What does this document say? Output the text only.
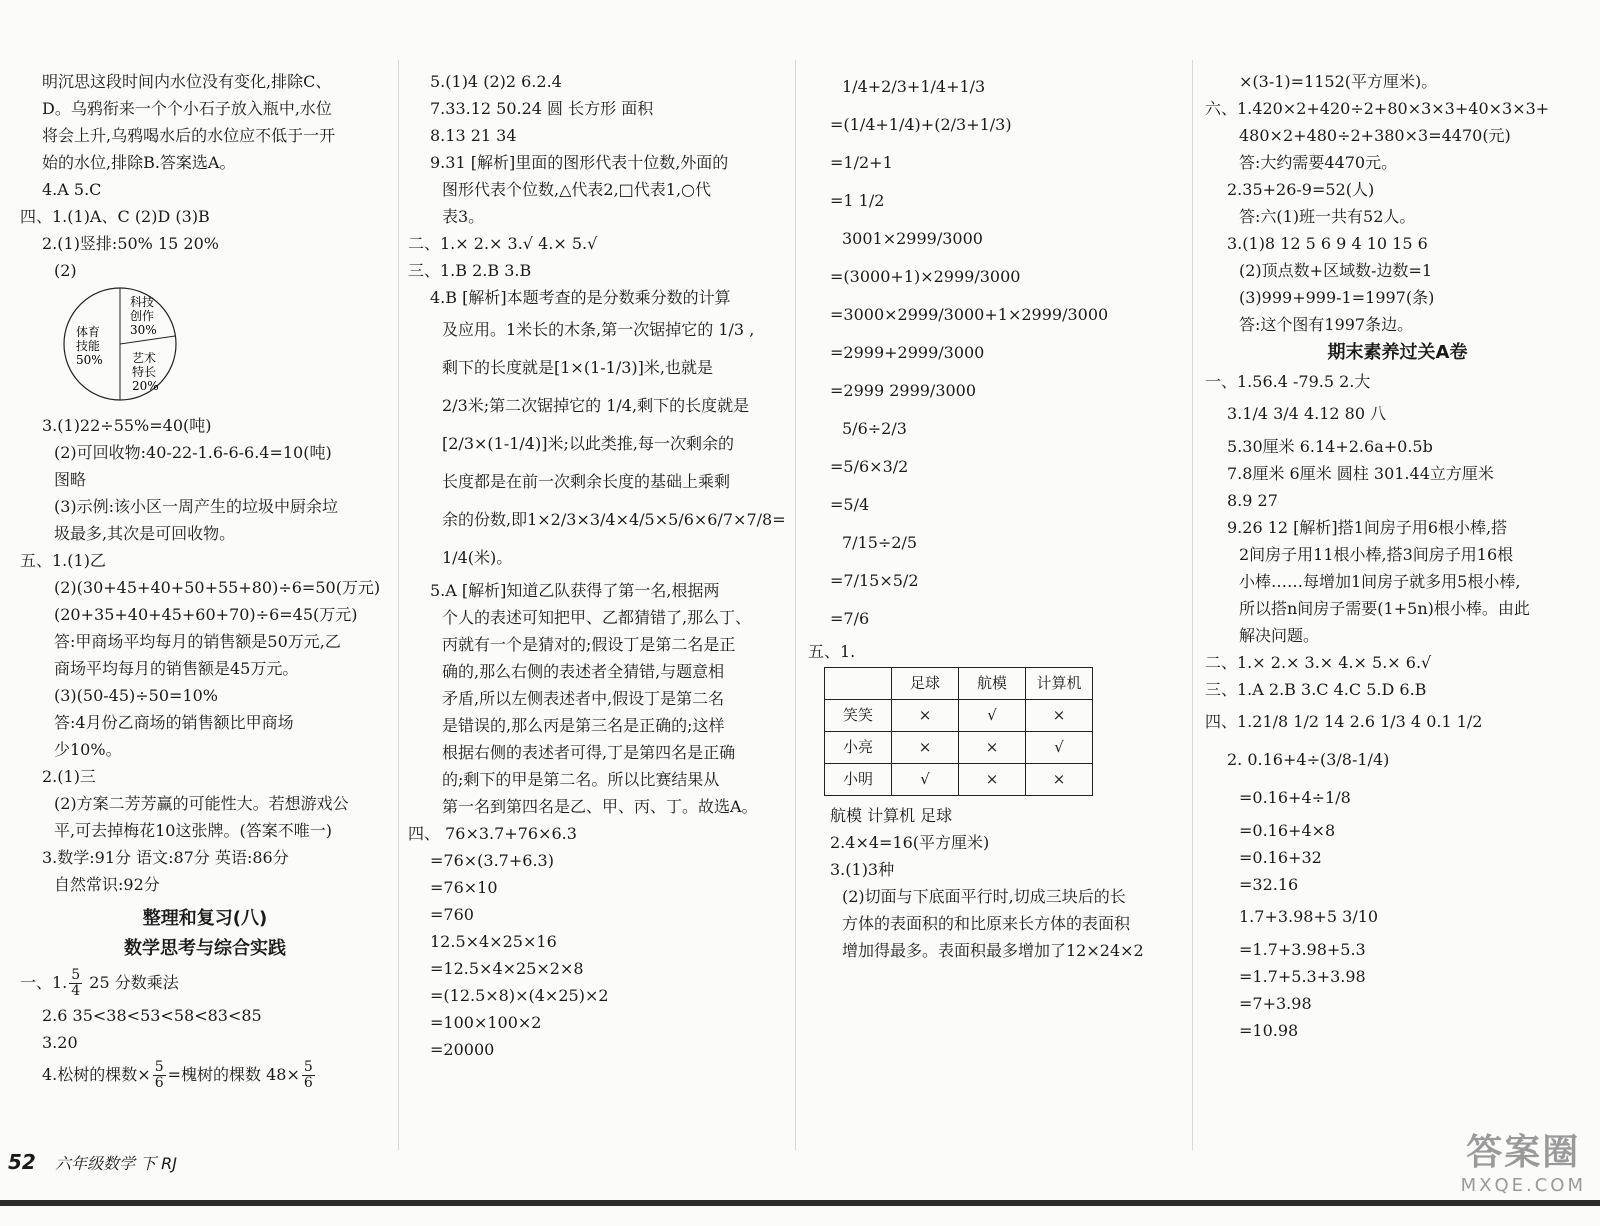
明沉思这段时间内水位没有变化,排除C、
D。乌鸦衔来一个个小石子放入瓶中,水位
将会上升,乌鸦喝水后的水位应不低于一开
始的水位,排除B.答案选A。
4.A 5.C
四、1.(1)A、C (2)D (3)B
2.(1)竖排:50% 15 20%
(2)
科技
创作
30%
体育
技能
50% 艺术
特长
20%
3.(1)22÷55%=40(吨)
(2)可回收物:40-22-1.6-6-6.4=10(吨)
图略
(3)示例:该小区一周产生的垃圾中厨余垃
圾最多,其次是可回收物。
五、1.(1)乙
(2)(30+45+40+50+55+80)÷6=50(万元)
(20+35+40+45+60+70)÷6=45(万元)
答:甲商场平均每月的销售额是50万元,乙
商场平均每月的销售额是45万元。
(3)(50-45)÷50=10%
答:4月份乙商场的销售额比甲商场
少10%。
2.(1)三
(2)方案二芳芳赢的可能性大。若想游戏公
平,可去掉梅花10这张牌。(答案不唯一)
3.数学:91分 语文:87分 英语:86分
自然常识:92分
整理和复习(八)
数学思考与综合实践
一、1. $\frac{5}{4} 25$ 分数乘法
2.6 35<38<53<58<83<85
3.20
4.松树的棵数× $\frac{5}{6}$ =槐树的棵数 $48\times \frac{5}{6}$
5.(1)4 (2)2 6.2.4
7.33.12 50.24 圆 长方形 面积
8.13 21 34
9.31 [解析]里面的图形代表十位数,外面的
图形代表个位数,△代表2,□代表1,○代
表3。
二、1.× 2.× 3.√ 4.× 5.√
三、1.B 2.B 3.B
4.B [解析]本题考查的是分数乘分数的计算
及应用。1米长的木条,第一次锯掉它的 1/3 ,
剩下的长度就是[1×(1-1/3)]米,也就是
2/3米;第二次锯掉它的 1/4,剩下的长度就是
[2/3×(1-1/4)]米;以此类推,每一次剩余的
长度都是在前一次剩余长度的基础上乘剩
余的份数,即1×2/3×3/4×4/5×5/6×6/7×7/8=
1/4(米)。
5.A [解析]知道乙队获得了第一名,根据两
个人的表述可知把甲、乙都猜错了,那么丁、
丙就有一个是猜对的;假设丁是第二名是正
确的,那么右侧的表述者全猜错,与题意相
矛盾,所以左侧表述者中,假设丁是第二名
是错误的,那么丙是第三名是正确的;这样
根据右侧的表述者可得,丁是第四名是正确
的;剩下的甲是第二名。所以比赛结果从
第一名到第四名是乙、甲、丙、丁。故选A。
四、 76×3.7+76×6.3
=76×(3.7+6.3)
=76×10
=760
12.5×4×25×16
=12.5×4×25×2×8
=(12.5×8)×(4×25)×2
=100×100×2
=20000
1/4+2/3+1/4+1/3
=(1/4+1/4)+(2/3+1/3)
=1/2+1
=1 1/2
3001×2999/3000
=(3000+1)×2999/3000
=3000×2999/3000+1×2999/3000
=2999+2999/3000
=2999 2999/3000
5/6÷2/3
=5/6×3/2
=5/4
7/15÷2/5
=7/15×5/2
=7/6
五、1.
	足球	航模	计算机
笑笑	×	√	×
小亮	×	×	√
小明	√	×	×
航模 计算机 足球
2.4×4=16(平方厘米)
3.(1)3种
(2)切面与下底面平行时,切成三块后的长
方体的表面积的和比原来长方体的表面积
增加得最多。表面积最多增加了12×24×2
×(3-1)=1152(平方厘米)。
六、1.420×2+420÷2+80×3×3+40×3×3+
480×2+480÷2+380×3=4470(元)
答:大约需要4470元。
2.35+26-9=52(人)
答:六(1)班一共有52人。
3.(1)8 12 5 6 9 4 10 15 6
(2)顶点数+区域数-边数=1
(3)999+999-1=1997(条)
答:这个图有1997条边。
期末素养过关A卷
一、1.56.4 -79.5 2.大
3.1/4 3/4 4.12 80 八
5.30厘米 6.14+2.6a+0.5b
7.8厘米 6厘米 圆柱 301.44立方厘米
8.9 27
9.26 12 [解析]搭1间房子用6根小棒,搭
2间房子用11根小棒,搭3间房子用16根
小棒……每增加1间房子就多用5根小棒,
所以搭n间房子需要(1+5n)根小棒。由此
解决问题。
二、1.× 2.× 3.× 4.× 5.× 6.√
三、1.A 2.B 3.C 4.C 5.D 6.B
四、1.21/8 1/2 14 2.6 1/3 4 0.1 1/2
2. 0.16+4÷(3/8-1/4)
=0.16+4÷1/8
=0.16+4×8
=0.16+32
=32.16
1.7+3.98+5 3/10
=1.7+3.98+5.3
=1.7+5.3+3.98
=7+3.98
=10.98
52 六年级数学 下 RJ	答案圈
MXQE.COM
